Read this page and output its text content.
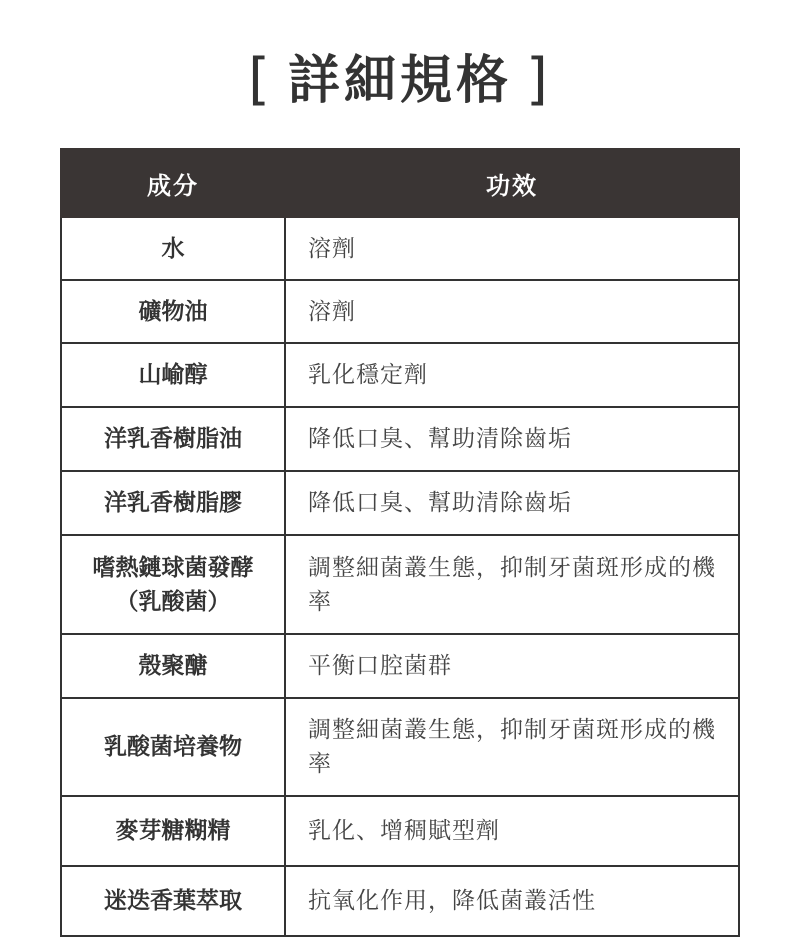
[ 詳細規格 ]
成分	功效
水	溶劑
礦物油	溶劑
山崳醇	乳化穩定劑
洋乳香樹脂油	降低口臭、幫助清除齒垢
洋乳香樹脂膠	降低口臭、幫助清除齒垢

嗜熱鏈球菌發酵
（乳酸菌）	調整細菌叢生態，抑制牙菌斑形成的機率
殼聚醣	平衡口腔菌群
乳酸菌培養物	調整細菌叢生態，抑制牙菌斑形成的機率
麥芽糖糊精	乳化、增稠賦型劑
迷迭香葉萃取	抗氧化作用，降低菌叢活性
